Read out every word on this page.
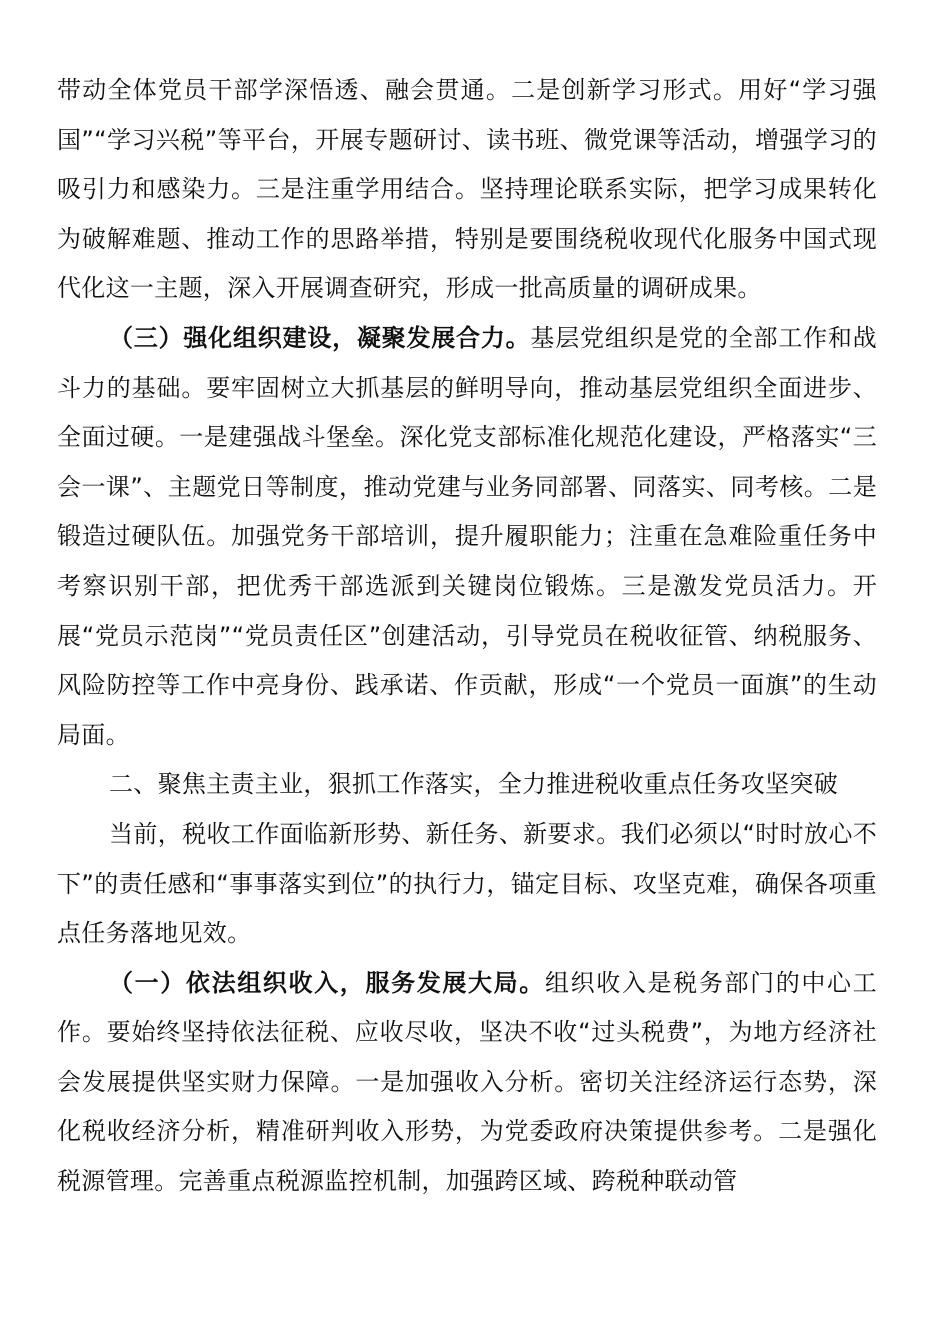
带动全体党员干部学深悟透、融会贯通。二是创新学习形式。用好“学习强国”“学习兴税”等平台，开展专题研讨、读书班、微党课等活动，增强学习的吸引力和感染力。三是注重学用结合。坚持理论联系实际，把学习成果转化为破解难题、推动工作的思路举措，特别是要围绕税收现代化服务中国式现代化这一主题，深入开展调查研究，形成一批高质量的调研成果。

（三）强化组织建设，凝聚发展合力。基层党组织是党的全部工作和战斗力的基础。要牢固树立大抓基层的鲜明导向，推动基层党组织全面进步、全面过硬。一是建强战斗堡垒。深化党支部标准化规范化建设，严格落实“三会一课”、主题党日等制度，推动党建与业务同部署、同落实、同考核。二是锻造过硬队伍。加强党务干部培训，提升履职能力；注重在急难险重任务中考察识别干部，把优秀干部选派到关键岗位锻炼。三是激发党员活力。开展“党员示范岗”“党员责任区”创建活动，引导党员在税收征管、纳税服务、风险防控等工作中亮身份、践承诺、作贡献，形成“一个党员一面旗”的生动局面。

二、聚焦主责主业，狠抓工作落实，全力推进税收重点任务攻坚突破

当前，税收工作面临新形势、新任务、新要求。我们必须以“时时放心不下”的责任感和“事事落实到位”的执行力，锚定目标、攻坚克难，确保各项重点任务落地见效。

（一）依法组织收入，服务发展大局。组织收入是税务部门的中心工作。要始终坚持依法征税、应收尽收，坚决不收“过头税费”，为地方经济社会发展提供坚实财力保障。一是加强收入分析。密切关注经济运行态势，深化税收经济分析，精准研判收入形势，为党委政府决策提供参考。二是强化税源管理。完善重点税源监控机制，加强跨区域、跨税种联动管
